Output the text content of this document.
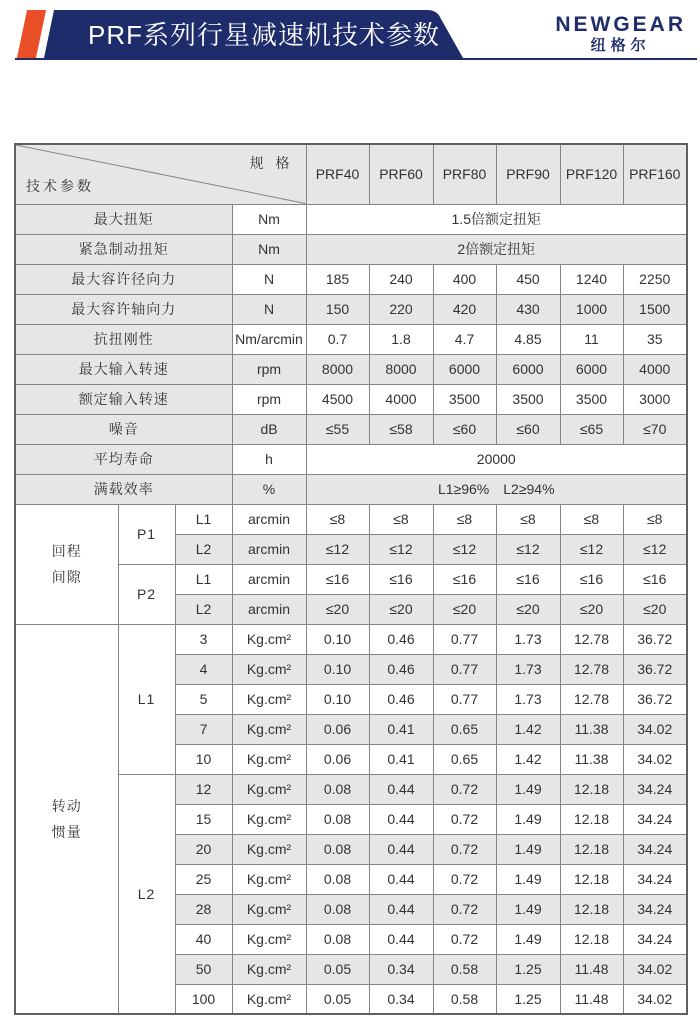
PRF系列行星减速机技术参数	NEWGEAR
纽格尔
规 格
技术参数				PRF40	PRF60	PRF80	PRF90	PRF120	PRF160
最大扭矩			Nm	1.5倍额定扭矩					
紧急制动扭矩			Nm	2倍额定扭矩					
最大容许径向力			N	185	240	400	450	1240	2250
最大容许轴向力			N	150	220	420	430	1000	1500
抗扭刚性			Nm/arcmin	0.7	1.8	4.7	4.85	11	35
最大输入转速			rpm	8000	8000	6000	6000	6000	4000
额定输入转速			rpm	4500	4000	3500	3500	3500	3000
噪音			dB	≤55	≤58	≤60	≤60	≤65	≤70
平均寿命			h	20000					
满载效率			%	L1≥96%　L2≥94%					

回程
间隙	P1	L1	arcmin	≤8	≤8	≤8	≤8	≤8	≤8
		L2	arcmin	≤12	≤12	≤12	≤12	≤12	≤12
	P2	L1	arcmin	≤16	≤16	≤16	≤16	≤16	≤16
		L2	arcmin	≤20	≤20	≤20	≤20	≤20	≤20

转动
惯量	L1	3	Kg.cm²	0.10	0.46	0.77	1.73	12.78	36.72
		4	Kg.cm²	0.10	0.46	0.77	1.73	12.78	36.72
		5	Kg.cm²	0.10	0.46	0.77	1.73	12.78	36.72
		7	Kg.cm²	0.06	0.41	0.65	1.42	11.38	34.02
		10	Kg.cm²	0.06	0.41	0.65	1.42	11.38	34.02
	L2	12	Kg.cm²	0.08	0.44	0.72	1.49	12.18	34.24
		15	Kg.cm²	0.08	0.44	0.72	1.49	12.18	34.24
		20	Kg.cm²	0.08	0.44	0.72	1.49	12.18	34.24
		25	Kg.cm²	0.08	0.44	0.72	1.49	12.18	34.24
		28	Kg.cm²	0.08	0.44	0.72	1.49	12.18	34.24
		40	Kg.cm²	0.08	0.44	0.72	1.49	12.18	34.24
		50	Kg.cm²	0.05	0.34	0.58	1.25	11.48	34.02
		100	Kg.cm²	0.05	0.34	0.58	1.25	11.48	34.02
